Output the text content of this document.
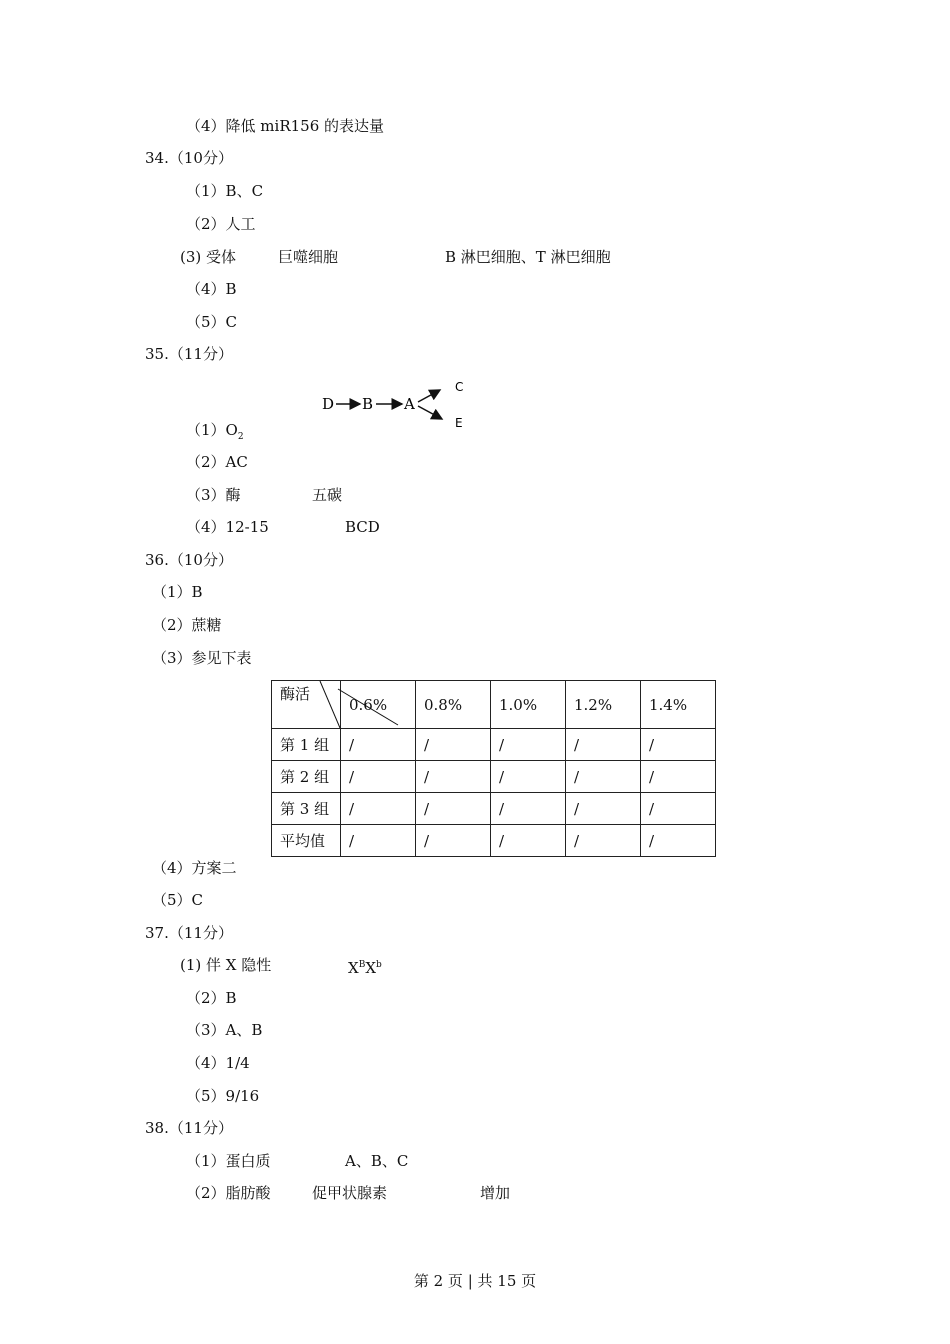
（4）降低 miR156 的表达量
34.（10分）
（1）B、C
（2）人工
(3) 受体	巨噬细胞	B 淋巴细胞、T 淋巴细胞
（4）B
（5）C
35.（11分）
D B A
C
E
$(1)O_2$
（2）AC
（3）酶	五碳
（4）12-15	BCD
36.（10分）
（1）B
（2）蔗糖
（3）参见下表
酶活	0.6%	0.8%	1.0%	1.2%	1.4%
第 1 组	/	/	/	/	/
第 2 组	/	/	/	/	/
第 3 组	/	/	/	/	/
平均值	/	/	/	/	/
（4）方案二
（5）C
37.（11分）
(1) 伴 X 隐性	$X^BX^b$
（2）B
（3）A、B
（4）1/4
（5）9/16
38.（11分）
（1）蛋白质	A、B、C
（2）脂肪酸	促甲状腺素	增加
第 2 页 | 共 15 页
